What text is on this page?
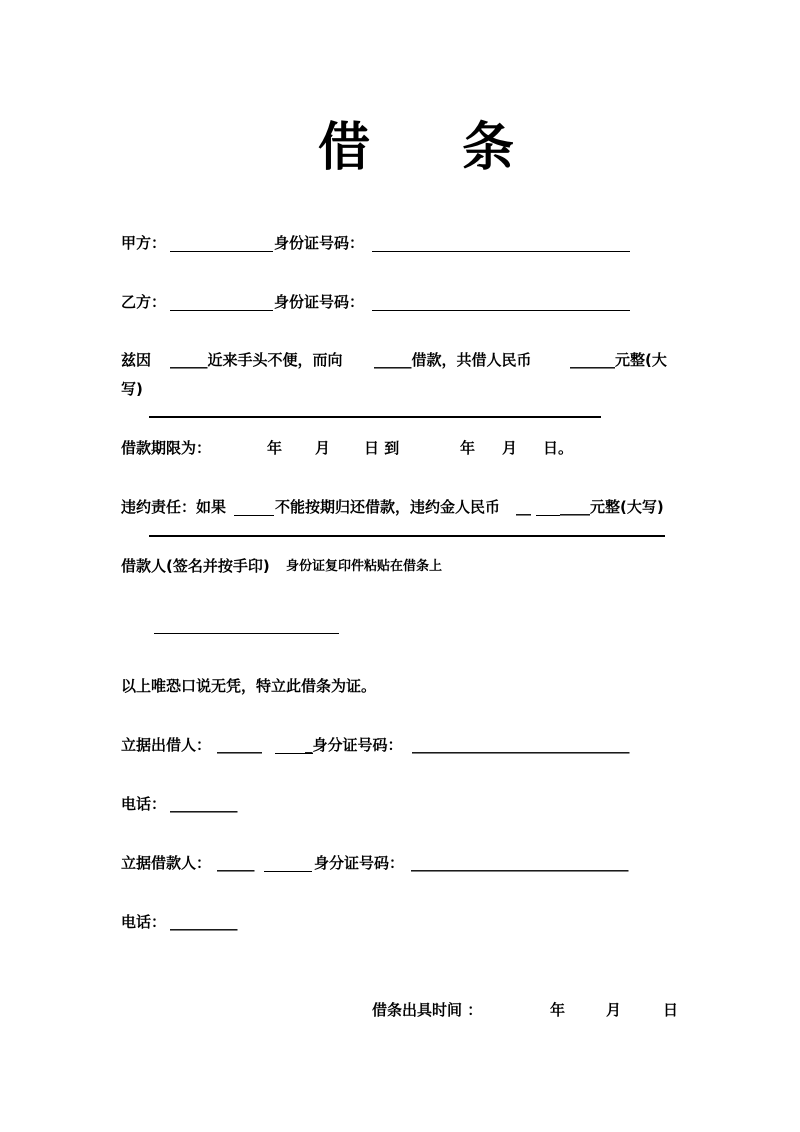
借 条
甲方：	身份证号码：
乙方：	身份证号码：
兹因 _____近来手头不便，而向 _____借款，共借人民币	______元整(大
写)
借款期限为：	年 月 日 到	年 月 日。
违约责任：如果	不能按期归还借款，违约金人民币 __ ____元整(大写)
借款人(签名并按手印) 身份证复印件粘贴在借条上
以上唯恐口说无凭，特立此借条为证。
立据出借人： ______	_身分证号码： _____________________________
电话： _________
立据借款人： _____	身分证号码： _____________________________
电话： _________
借条出具时间 ：	年	月	日
